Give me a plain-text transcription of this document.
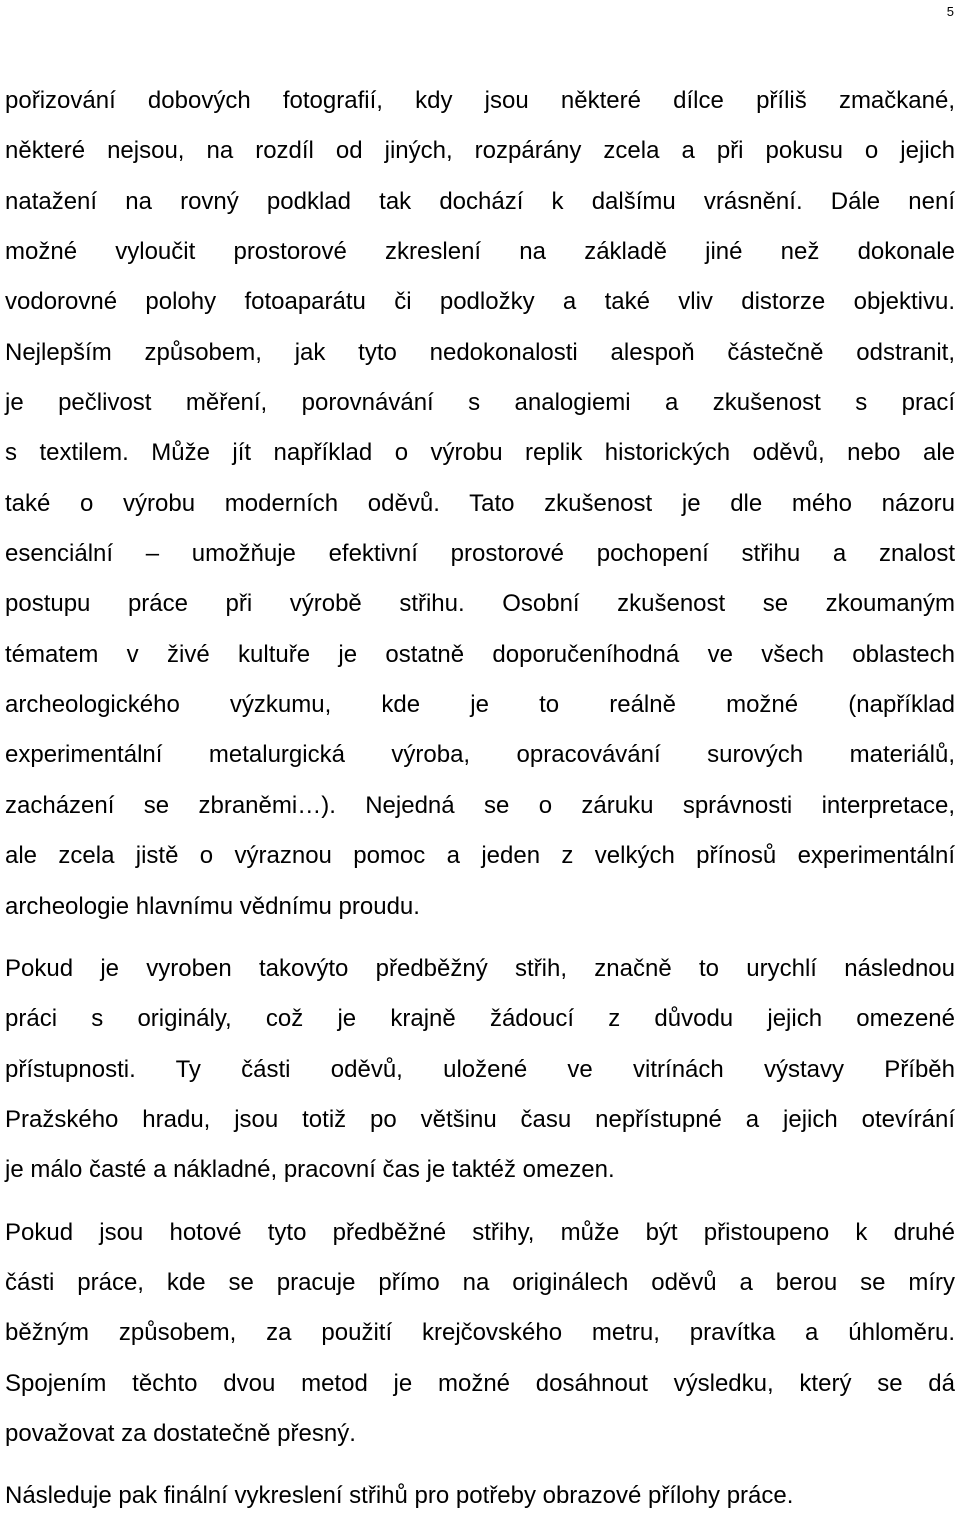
5
pořizování dobových fotografií, kdy jsou některé dílce příliš zmačkané,
některé nejsou, na rozdíl od jiných, rozpárány zcela a při pokusu o jejich
natažení na rovný podklad tak dochází k dalšímu vrásnění. Dále není
možné vyloučit prostorové zkreslení na základě jiné než dokonale
vodorovné polohy fotoaparátu či podložky a také vliv distorze objektivu.
Nejlepším způsobem, jak tyto nedokonalosti alespoň částečně odstranit,
je pečlivost měření, porovnávání s analogiemi a zkušenost s prací
s textilem. Může jít například o výrobu replik historických oděvů, nebo ale
také o výrobu moderních oděvů. Tato zkušenost je dle mého názoru
esenciální – umožňuje efektivní prostorové pochopení střihu a znalost
postupu práce při výrobě střihu. Osobní zkušenost se zkoumaným
tématem v živé kultuře je ostatně doporučeníhodná ve všech oblastech
archeologického výzkumu, kde je to reálně možné (například
experimentální metalurgická výroba, opracovávání surových materiálů,
zacházení se zbraněmi…). Nejedná se o záruku správnosti interpretace,
ale zcela jistě o výraznou pomoc a jeden z velkých přínosů experimentální
archeologie hlavnímu vědnímu proudu.
Pokud je vyroben takovýto předběžný střih, značně to urychlí následnou
práci s originály, což je krajně žádoucí z důvodu jejich omezené
přístupnosti. Ty části oděvů, uložené ve vitrínách výstavy Příběh
Pražského hradu, jsou totiž po většinu času nepřístupné a jejich otevírání
je málo časté a nákladné, pracovní čas je taktéž omezen.
Pokud jsou hotové tyto předběžné střihy, může být přistoupeno k druhé
části práce, kde se pracuje přímo na originálech oděvů a berou se míry
běžným způsobem, za použití krejčovského metru, pravítka a úhloměru.
Spojením těchto dvou metod je možné dosáhnout výsledku, který se dá
považovat za dostatečně přesný.
Následuje pak finální vykreslení střihů pro potřeby obrazové přílohy práce.
